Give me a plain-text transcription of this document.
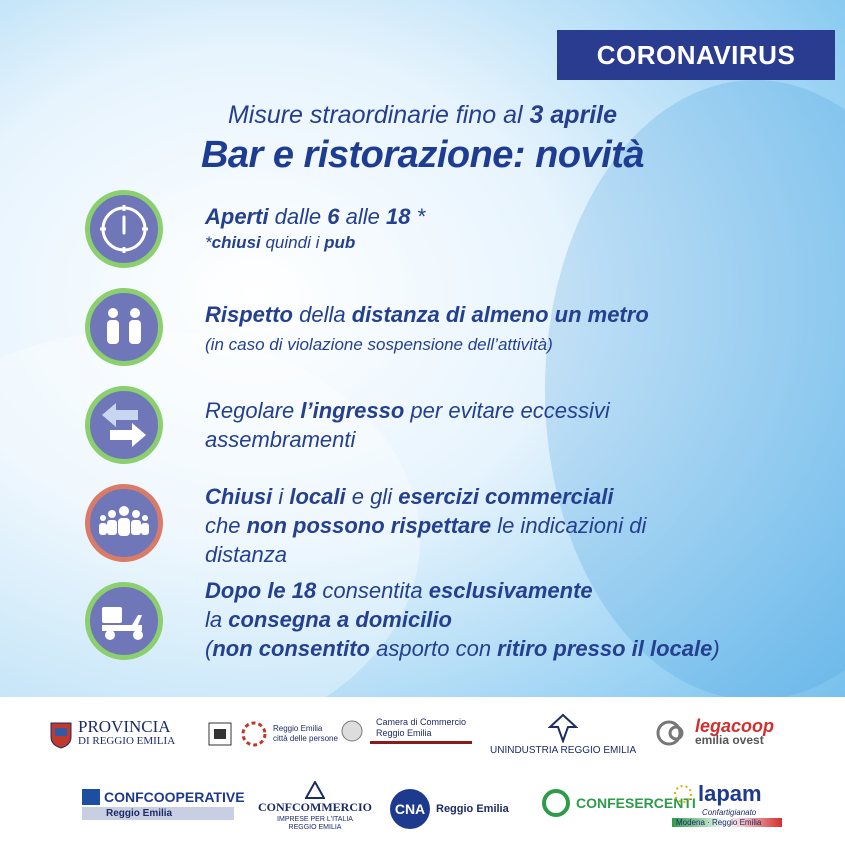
CORONAVIRUS
Misure straordinarie fino al 3 aprile
Bar e ristorazione: novità
Aperti dalle 6 alle 18 *
*chiusi quindi i pub
Rispetto della distanza di almeno un metro
(in caso di violazione sospensione dell’attività)
Regolare l’ingresso per evitare eccessivi
assembramenti
Chiusi i locali e gli esercizi commerciali
che non possono rispettare le indicazioni di
distanza
Dopo le 18 consentita esclusivamente
la consegna a domicilio
(non consentito asporto con ritiro presso il locale)
PROVINCIA
DI REGGIO EMILIA
Reggio Emilia
città delle persone
Camera di Commercio
Reggio Emilia
UNINDUSTRIA REGGIO EMILIA
legacoop
emilia ovest
CONFCOOPERATIVE
Reggio Emilia	CONFCOMMERCIO
IMPRESE PER L'ITALIA
REGGIO EMILIA
CNA Reggio Emilia	CONFESERCENTI lapam
Confartigianato
Modena · Reggio Emilia
